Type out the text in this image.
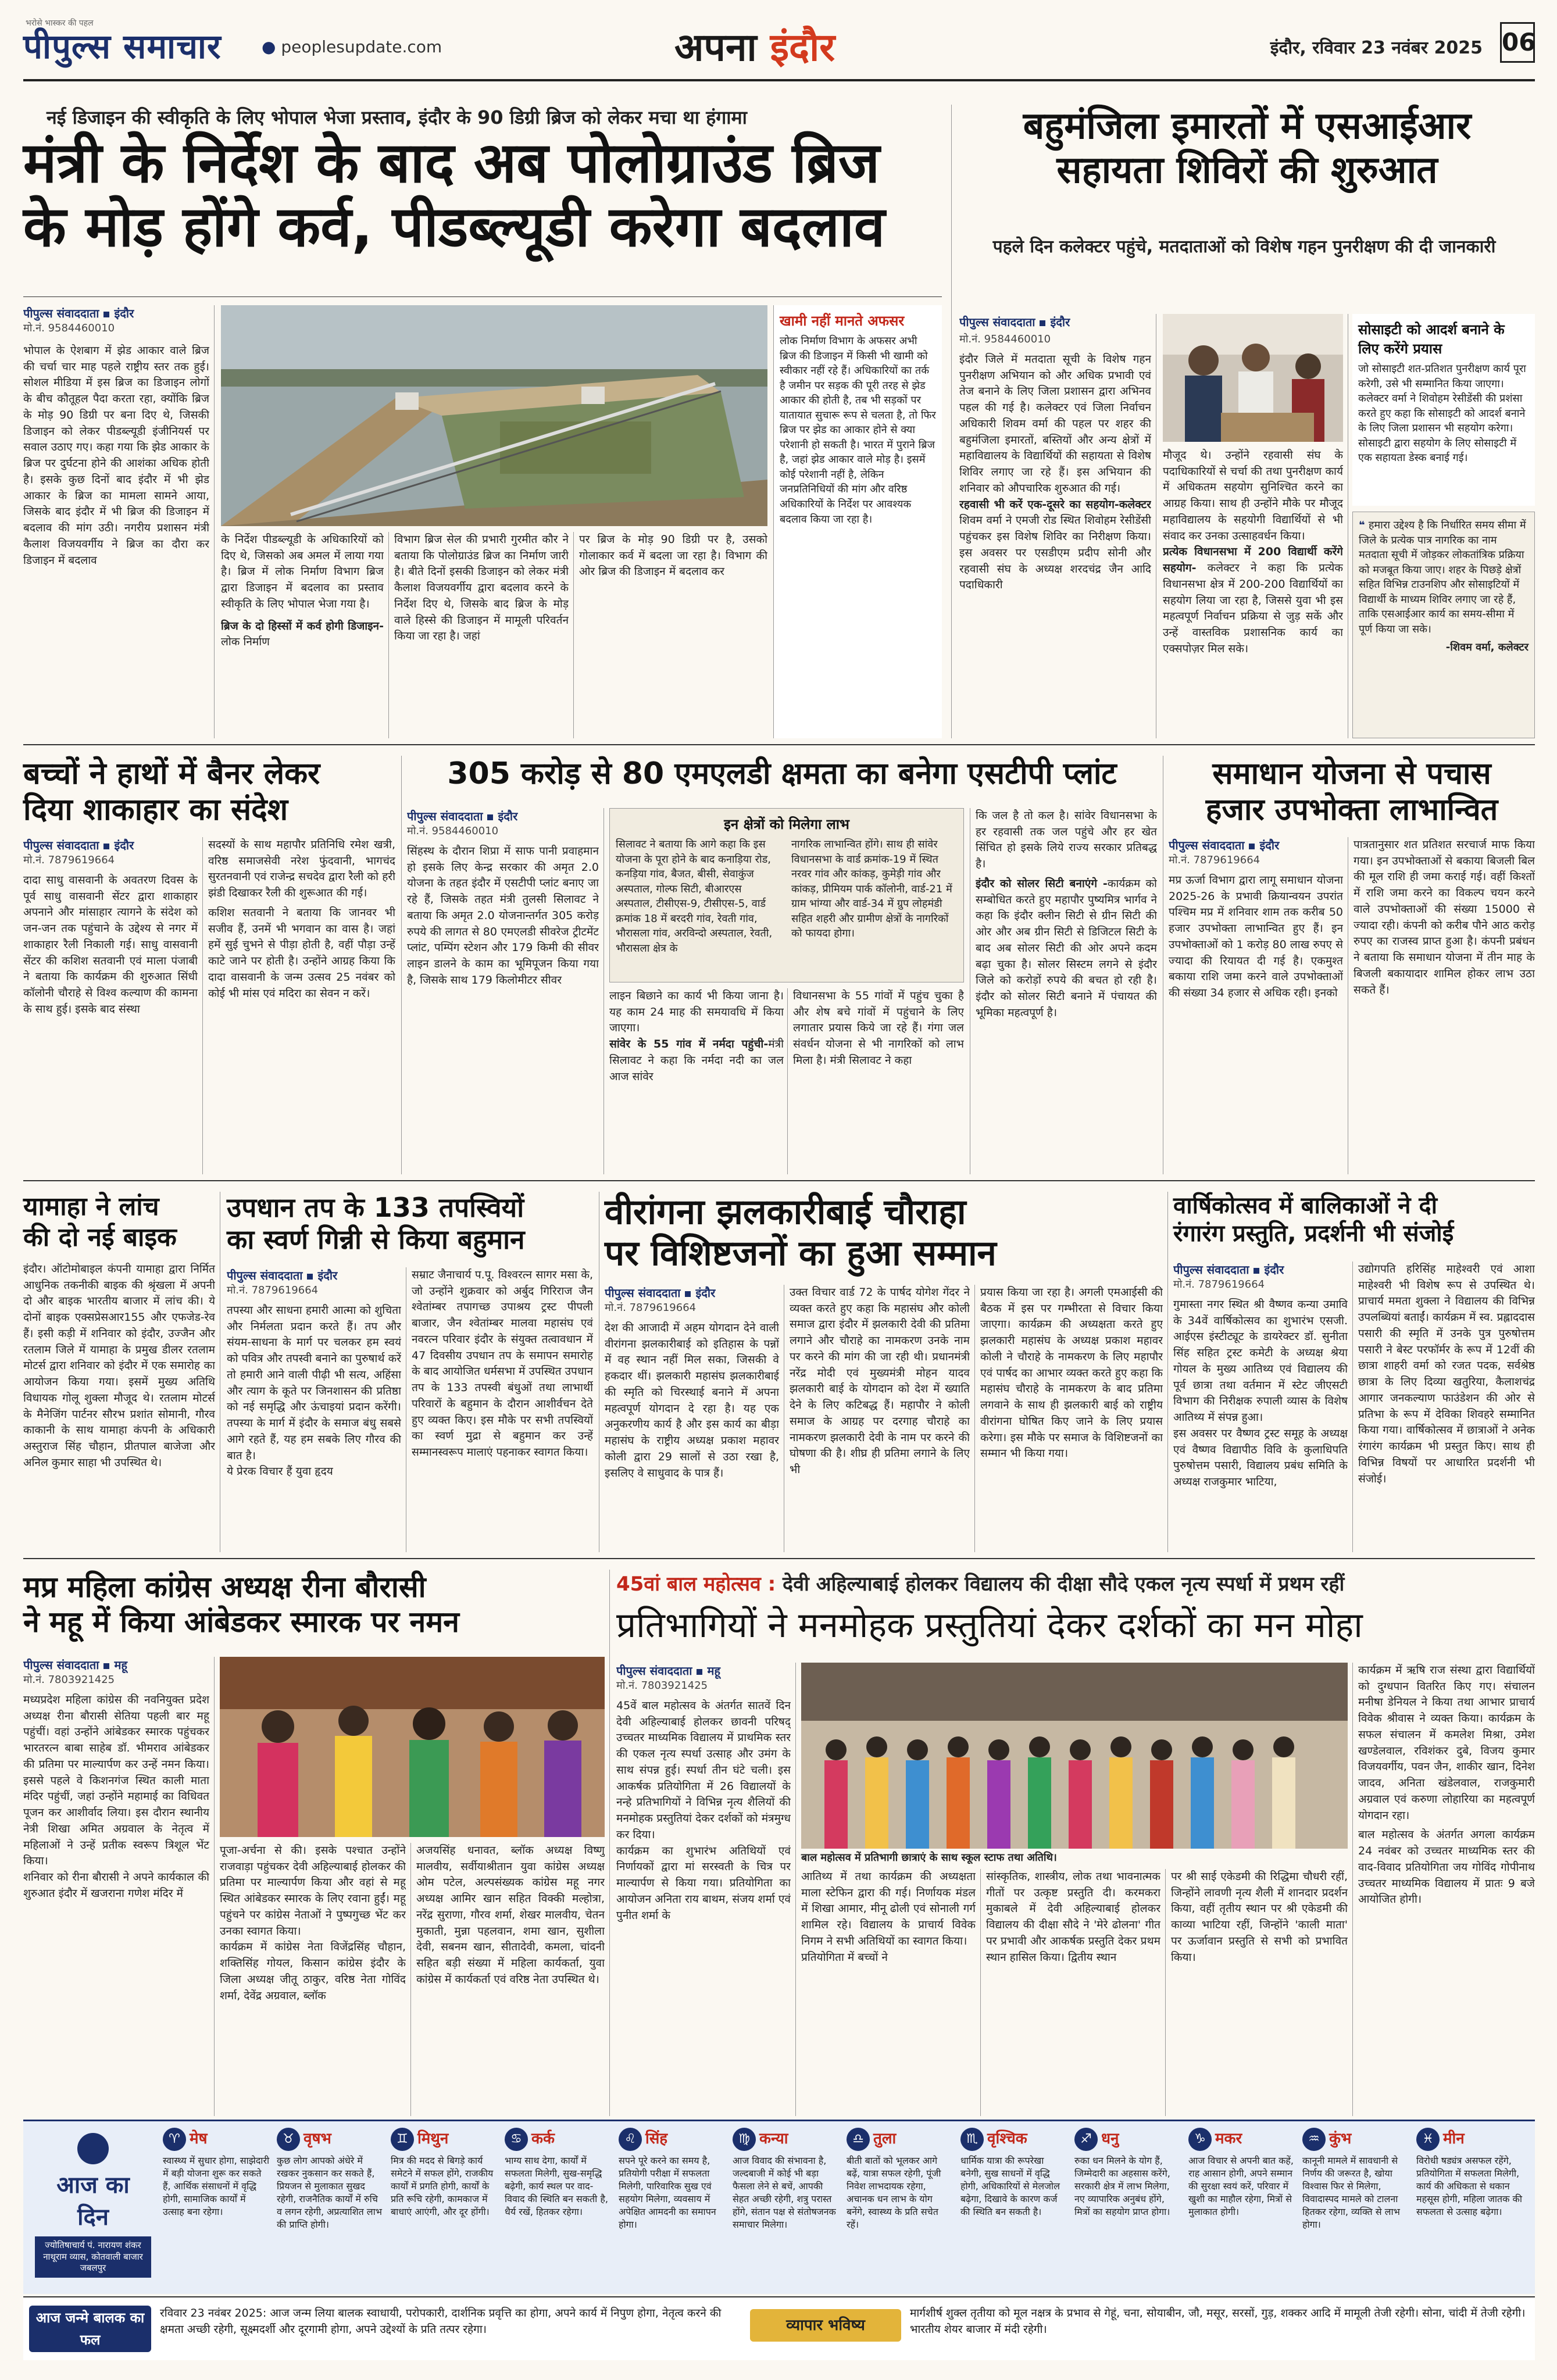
भरोसे भास्कर की पहल
पीपुल्स समाचार ● peoplesupdate.com	अपना इंदौर	इंदौर, रविवार 23 नवंबर 2025 06
नई डिजाइन की स्वीकृति के लिए भोपाल भेजा प्रस्ताव, इंदौर के 90 डिग्री ब्रिज को लेकर मचा था हंगामा
मंत्री के निर्देश के बाद अब पोलोग्राउंड ब्रिज
के मोड़ होंगे कर्व, पीडब्ल्यूडी करेगा बदलाव
पीपुल्स संवाददाता इंदौर
मो.नं. 9584460010
भोपाल के ऐशबाग में झेड आकार वाले ब्रिज की चर्चा चार माह पहले राष्ट्रीय स्तर तक हुई। सोशल मीडिया में इस ब्रिज का डिजाइन लोगों के बीच कौतूहल पैदा करता रहा, क्योंकि ब्रिज के मोड़ 90 डिग्री पर बना दिए थे, जिसकी डिजाइन को लेकर पीडब्ल्यूडी इंजीनियर्स पर सवाल उठाए गए। कहा गया कि झेड आकार के ब्रिज पर दुर्घटना होने की आशंका अधिक होती है। इसके कुछ दिनों बाद इंदौर में भी झेड आकार के ब्रिज का मामला सामने आया, जिसके बाद इंदौर में भी ब्रिज की डिजाइन में बदलाव की मांग उठी। नगरीय प्रशासन मंत्री कैलाश विजयवर्गीय ने ब्रिज का दौरा कर डिजाइन में बदलाव
के निर्देश पीडब्ल्यूडी के अधिकारियों को दिए थे, जिसको अब अमल में लाया गया है। ब्रिज में लोक निर्माण विभाग ब्रिज द्वारा डिजाइन में बदलाव का प्रस्ताव स्वीकृति के लिए भोपाल भेजा गया है।
ब्रिज के दो हिस्सों में कर्व होगी डिजाइन- लोक निर्माण
विभाग ब्रिज सेल की प्रभारी गुरमीत कौर ने बताया कि पोलोग्राउंड ब्रिज का निर्माण जारी है। बीते दिनों इसकी डिजाइन को लेकर मंत्री कैलाश विजयवर्गीय द्वारा बदलाव करने के निर्देश दिए थे, जिसके बाद ब्रिज के मोड़ वाले हिस्से की डिजाइन में मामूली परिवर्तन किया जा रहा है। जहां
पर ब्रिज के मोड़ 90 डिग्री पर है, उसको गोलाकार कर्व में बदला जा रहा है। विभाग की ओर ब्रिज की डिजाइन में बदलाव कर
खामी नहीं मानते अफसर

लोक निर्माण विभाग के अफसर अभी ब्रिज की डिजाइन में किसी भी खामी को स्वीकार नहीं रहे हैं। अधिकारियों का तर्क है जमीन पर सड़क की पूरी तरह से झेड आकार की होती है, तब भी सड़कों पर यातायात सुचारू रूप से चलता है, तो फिर ब्रिज पर झेड का आकार होने से क्या परेशानी हो सकती है। भारत में पुराने ब्रिज है, जहां झेड आकार वाले मोड़ है। इसमें कोई परेशानी नहीं है, लेकिन जनप्रतिनिधियों की मांग और वरिष्ठ अधिकारियों के निर्देश पर आवश्यक बदलाव किया जा रहा है।

बहुमंजिला इमारतों में एसआईआर
सहायता शिविरों की शुरुआत
पहले दिन कलेक्टर पहुंचे, मतदाताओं को विशेष गहन पुनरीक्षण की दी जानकारी
पीपुल्स संवाददाता इंदौर
मो.नं. 9584460010
इंदौर जिले में मतदाता सूची के विशेष गहन पुनरीक्षण अभियान को और अधिक प्रभावी एवं तेज बनाने के लिए जिला प्रशासन द्वारा अभिनव पहल की गई है। कलेक्टर एवं जिला निर्वाचन अधिकारी शिवम वर्मा की पहल पर शहर की बहुमंजिला इमारतों, बस्तियों और अन्य क्षेत्रों में महाविद्यालय के विद्यार्थियों की सहायता से विशेष शिविर लगाए जा रहे हैं। इस अभियान की शनिवार को औपचारिक शुरुआत की गई।
रहवासी भी करें एक-दूसरे का सहयोग-कलेक्टर शिवम वर्मा ने एमजी रोड स्थित शिवोहम रेसीडेंसी पहुंचकर इस विशेष शिविर का निरीक्षण किया। इस अवसर पर एसडीएम प्रदीप सोनी और रहवासी संघ के अध्यक्ष शरदचंद्र जैन आदि पदाधिकारी
मौजूद थे। उन्होंने रहवासी संघ के पदाधिकारियों से चर्चा की तथा पुनरीक्षण कार्य में अधिकतम सहयोग सुनिश्चित करने का आग्रह किया। साथ ही उन्होंने मौके पर मौजूद महाविद्यालय के सहयोगी विद्यार्थियों से भी संवाद कर उनका उत्साहवर्धन किया।
प्रत्येक विधानसभा में 200 विद्यार्थी करेंगे सहयोग- कलेक्टर ने कहा कि प्रत्येक विधानसभा क्षेत्र में 200-200 विद्यार्थियों का सहयोग लिया जा रहा है, जिससे युवा भी इस महत्वपूर्ण निर्वाचन प्रक्रिया से जुड़ सकें और उन्हें वास्तविक प्रशासनिक कार्य का एक्सपोज़र मिल सके।
सोसाइटी को आदर्श बनाने के लिए करेंगे प्रयास

जो सोसाइटी शत-प्रतिशत पुनरीक्षण कार्य पूरा करेगी, उसे भी सम्मानित किया जाएगा। कलेक्टर वर्मा ने शिवोहम रेसीडेंसी की प्रशंसा करते हुए कहा कि सोसाइटी को आदर्श बनाने के लिए जिला प्रशासन भी सहयोग करेगा। सोसाइटी द्वारा सहयोग के लिए सोसाइटी में एक सहायता डेस्क बनाई गई।

❝ हमारा उद्देश्य है कि निर्धारित समय सीमा में जिले के प्रत्येक पात्र नागरिक का नाम मतदाता सूची में जोड़कर लोकतांत्रिक प्रक्रिया को मजबूत किया जाए। शहर के पिछड़े क्षेत्रों सहित विभिन्न टाउनशिप और सोसाइटियों में विद्यार्थी के माध्यम शिविर लगाए जा रहे हैं, ताकि एसआईआर कार्य का समय-सीमा में पूर्ण किया जा सके।

-शिवम वर्मा, कलेक्टर

बच्चों ने हाथों में बैनर लेकर
दिया शाकाहार का संदेश
पीपुल्स संवाददाता इंदौर
मो.नं. 7879619664
दादा साधु वासवानी के अवतरण दिवस के पूर्व साधु वासवानी सेंटर द्वारा शाकाहार अपनाने और मांसाहार त्यागने के संदेश को जन-जन तक पहुंचाने के उद्देश्य से नगर में शाकाहार रैली निकाली गई। साधु वासवानी सेंटर की कशिश सतवानी एवं माला पंजाबी ने बताया कि कार्यक्रम की शुरुआत सिंधी कॉलोनी चौराहे से विश्व कल्याण की कामना के साथ हुई। इसके बाद संस्था
सदस्यों के साथ महापौर प्रतिनिधि रमेश खत्री, वरिष्ठ समाजसेवी नरेश फुंदवानी, भागचंद सुरतनवानी एवं राजेन्द्र सचदेव द्वारा रैली को हरी झंडी दिखाकर रैली की शुरूआत की गई।
कशिश सतवानी ने बताया कि जानवर भी सजीव हैं, उनमें भी भगवान का वास है। जहां हमें सुई चुभने से पीड़ा होती है, वहीं पौड़ा उन्हें काटे जाने पर होती है। उन्होंने आग्रह किया कि दादा वासवानी के जन्म उत्सव 25 नवंबर को कोई भी मांस एवं मदिरा का सेवन न करें।
305 करोड़ से 80 एमएलडी क्षमता का बनेगा एसटीपी प्लांट
पीपुल्स संवाददाता इंदौर
मो.नं. 9584460010
सिंहस्थ के दौरान शिप्रा में साफ पानी प्रवाहमान हो इसके लिए केन्द्र सरकार की अमृत 2.0 योजना के तहत इंदौर में एसटीपी प्लांट बनाए जा रहे हैं, जिसके तहत मंत्री तुलसी सिलावट ने बताया कि अमृत 2.0 योजनान्तर्गत 305 करोड़ रुपये की लागत से 80 एमएलडी सीवरेज ट्रीटमेंट प्लांट, पम्पिंग स्टेशन और 179 किमी की सीवर लाइन डालने के काम का भूमिपूजन किया गया है, जिसके साथ 179 किलोमीटर सीवर
इन क्षेत्रों को मिलेगा लाभ

सिलावट ने बताया कि आगे कहा कि इस योजना के पूरा होने के बाद कनाड़िया रोड, कनड़िया गांव, बैजत, बीसी, सेवाकुंज अस्पताल, गोल्फ सिटी, बीआरएस अस्पताल, टीसीएस-9, टीसीएस-5, वार्ड क्रमांक 18 में बरदरी गांव, रेवती गांव, भौरासला गांव, अरविन्दो अस्पताल, रेवती, भौरासला क्षेत्र के

नागरिक लाभान्वित होंगे। साथ ही सांवेर विधानसभा के वार्ड क्रमांक-19 में स्थित नरवर गांव और कांकड़, कुमेड़ी गांव और कांकड़, प्रीमियम पार्क कॉलोनी, वार्ड-21 में ग्राम भांग्या और वार्ड-34 में ग्रुप लोहमंडी सहित शहरी और ग्रामीण क्षेत्रों के नागरिकों को फायदा होगा।

लाइन बिछाने का कार्य भी किया जाना है। यह काम 24 माह की समयावधि में किया जाएगा।
सांवेर के 55 गांव में नर्मदा पहुंची-मंत्री सिलावट ने कहा कि नर्मदा नदी का जल आज सांवेर
विधानसभा के 55 गांवों में पहुंच चुका है और शेष बचे गांवों में पहुंचाने के लिए लगातार प्रयास किये जा रहे हैं। गंगा जल संवर्धन योजना से भी नागरिकों को लाभ मिला है। मंत्री सिलावट ने कहा
कि जल है तो कल है। सांवेर विधानसभा के हर रहवासी तक जल पहुंचे और हर खेत सिंचित हो इसके लिये राज्य सरकार प्रतिबद्ध है।
इंदौर को सोलर सिटी बनाएंगे -कार्यक्रम को सम्बोधित करते हुए महापौर पुष्यमित्र भार्गव ने कहा कि इंदौर क्लीन सिटी से ग्रीन सिटी की ओर और अब ग्रीन सिटी से डिजिटल सिटी के बाद अब सोलर सिटी की ओर अपने कदम बढ़ा चुका है। सोलर सिस्टम लगने से इंदौर जिले को करोड़ों रुपये की बचत हो रही है। इंदौर को सोलर सिटी बनाने में पंचायत की भूमिका महत्वपूर्ण है।
समाधान योजना से पचास
हजार उपभोक्ता लाभान्वित
पीपुल्स संवाददाता इंदौर
मो.नं. 7879619664
मप्र ऊर्जा विभाग द्वारा लागू समाधान योजना 2025-26 के प्रभावी क्रियान्वयन उपरांत पश्चिम मप्र में शनिवार शाम तक करीब 50 हजार उपभोक्ता लाभान्वित हुए हैं। इन उपभोक्ताओं को 1 करोड़ 80 लाख रुपए से ज्यादा की रियायत दी गई है। एकमुश्त बकाया राशि जमा करने वाले उपभोक्ताओं की संख्या 34 हजार से अधिक रही। इनको
पात्रतानुसार शत प्रतिशत सरचार्ज माफ किया गया। इन उपभोक्ताओं से बकाया बिजली बिल की मूल राशि ही जमा कराई गई। वहीं किश्तों में राशि जमा करने का विकल्प चयन करने वाले उपभोक्ताओं की संख्या 15000 से ज्यादा रही। कंपनी को करीब पौने आठ करोड़ रुपए का राजस्व प्राप्त हुआ है। कंपनी प्रबंधन ने बताया कि समाधान योजना में तीन माह के बिजली बकायादार शामिल होकर लाभ उठा सकते हैं।
यामाहा ने लांच
की दो नई बाइक
इंदौर। ऑटोमोबाइल कंपनी यामाहा द्वारा निर्मित आधुनिक तकनीकी बाइक की श्रृंखला में अपनी दो और बाइक भारतीय बाजार में लांच की। ये दोनों बाइक एक्सप्रेसआर155 और एफजेड-रेव हैं। इसी कड़ी में शनिवार को इंदौर, उज्जैन और रतलाम जिले में यामाहा के प्रमुख डीलर रतलाम मोटर्स द्वारा शनिवार को इंदौर में एक समारोह का आयोजन किया गया। इसमें मुख्य अतिथि विधायक गोलू शुक्ला मौजूद थे। रतलाम मोटर्स के मैनेजिंग पार्टनर सौरभ प्रशांत सोमानी, गौरव काकानी के साथ यामाहा कंपनी के अधिकारी अस्तुराज सिंह चौहान, प्रीतपाल बाजेजा और अनिल कुमार साहा भी उपस्थित थे।
उपधान तप के 133 तपस्वियों
का स्वर्ण गिन्नी से किया बहुमान
पीपुल्स संवाददाता इंदौर
मो.नं. 7879619664
तपस्या और साधना हमारी आत्मा को शुचिता और निर्मलता प्रदान करते हैं। तप और संयम-साधना के मार्ग पर चलकर हम स्वयं को पवित्र और तपस्वी बनाने का पुरुषार्थ करें तो हमारी आने वाली पीढ़ी भी सत्य, अहिंसा और त्याग के कूते पर जिनशासन की प्रतिष्ठा को नई समृद्धि और ऊंचाइयां प्रदान करेंगी। तपस्या के मार्ग में इंदौर के समाज बंधु सबसे आगे रहते हैं, यह हम सबके लिए गौरव की बात है।
ये प्रेरक विचार हैं युवा हृदय
सम्राट जैनाचार्य प.पू. विश्वरत्न सागर मसा के, जो उन्होंने शुक्रवार को अर्बुद गिरिराज जैन श्वेतांम्बर तपागच्छ उपाश्रय ट्रस्ट पीपली बाजार, जैन श्वेतांम्बर मालवा महासंघ एवं नवरत्न परिवार इंदौर के संयुक्त तत्वावधान में 47 दिवसीय उपधान तप के समापन समारोह के बाद आयोजित धर्मसभा में उपस्थित उपधान तप के 133 तपस्वी बंधुओं तथा लाभार्थी परिवारों के बहुमान के दौरान आशीर्वचन देते हुए व्यक्त किए। इस मौके पर सभी तपस्वियों का स्वर्ण मुद्रा से बहुमान कर उन्हें सम्मानस्वरूप मालाएं पहनाकर स्वागत किया।
वीरांगना झलकारीबाई चौराहा
पर विशिष्टजनों का हुआ सम्मान
पीपुल्स संवाददाता इंदौर
मो.नं. 7879619664
देश की आजादी में अहम योगदान देने वाली वीरांगना झलकारीबाई को इतिहास के पन्नों में वह स्थान नहीं मिल सका, जिसकी वे हकदार थीं। झलकारी महासंघ झलकारीबाई की स्मृति को चिरस्थाई बनाने में अपना महत्वपूर्ण योगदान दे रहा है। यह एक अनुकरणीय कार्य है और इस कार्य का बीड़ा महासंघ के राष्ट्रीय अध्यक्ष प्रकाश महावर कोली द्वारा 29 सालों से उठा रखा है, इसलिए वे साधुवाद के पात्र हैं।
उक्त विचार वार्ड 72 के पार्षद योगेश गेंदर ने व्यक्त करते हुए कहा कि महासंघ और कोली समाज द्वारा इंदौर में झलकारी देवी की प्रतिमा लगाने और चौराहे का नामकरण उनके नाम पर करने की मांग की जा रही थी। प्रधानमंत्री नरेंद्र मोदी एवं मुख्यमंत्री मोहन यादव झलकारी बाई के योगदान को देश में ख्याति देने के लिए कटिबद्ध हैं। महापौर ने कोली समाज के आग्रह पर दरगाह चौराहे का नामकरण झलकारी देवी के नाम पर करने की घोषणा की है। शीघ्र ही प्रतिमा लगाने के लिए भी
प्रयास किया जा रहा है। अगली एमआईसी की बैठक में इस पर गम्भीरता से विचार किया जाएगा। कार्यक्रम की अध्यक्षता करते हुए झलकारी महासंघ के अध्यक्ष प्रकाश महावर कोली ने चौराहे के नामकरण के लिए महापौर एवं पार्षद का आभार व्यक्त करते हुए कहा कि महासंघ चौराहे के नामकरण के बाद प्रतिमा लगवाने के साथ ही झलकारी बाई को राष्ट्रीय वीरांगना घोषित किए जाने के लिए प्रयास करेगा। इस मौके पर समाज के विशिष्टजनों का सम्मान भी किया गया।
वार्षिकोत्सव में बालिकाओं ने दी
रंगारंग प्रस्तुति, प्रदर्शनी भी संजोई
पीपुल्स संवाददाता इंदौर
मो.नं. 7879619664
गुमास्ता नगर स्थित श्री वैष्णव कन्या उमावि के 34वें वार्षिकोत्सव का शुभारंभ एसजी. आईएस इंस्टीट्यूट के डायरेक्टर डॉ. सुनीता सिंह सहित ट्रस्ट कमेटी के अध्यक्ष श्रेया गोयल के मुख्य आतिथ्य एवं विद्यालय की पूर्व छात्रा तथा वर्तमान में स्टेट जीएसटी विभाग की निरीक्षक रुपाली व्यास के विशेष आतिथ्य में संपन्न हुआ।
इस अवसर पर वैष्णव ट्रस्ट समूह के अध्यक्ष एवं वैष्णव विद्यापीठ विवि के कुलाधिपति पुरुषोत्तम पसारी, विद्यालय प्रबंध समिति के अध्यक्ष राजकुमार भाटिया,
उद्योगपति हरिसिंह माहेश्वरी एवं आशा माहेश्वरी भी विशेष रूप से उपस्थित थे। प्राचार्य ममता शुक्ला ने विद्यालय की विभिन्न उपलब्धियां बताईं। कार्यक्रम में स्व. प्रह्लाददास पसारी की स्मृति में उनके पुत्र पुरुषोत्तम पसारी ने बेस्ट परफॉर्मर के रूप में 12वीं की छात्रा शाहरी वर्मा को रजत पदक, सर्वश्रेष्ठ छात्रा के लिए दिव्या खतुरिया, कैलाशचंद्र आगार जनकल्याण फाउंडेशन की ओर से प्रतिभा के रूप में देविका शिवहरे सम्मानित किया गया। वार्षिकोत्सव में छात्राओं ने अनेक रंगारंग कार्यक्रम भी प्रस्तुत किए। साथ ही विभिन्न विषयों पर आधारित प्रदर्शनी भी संजोई।
मप्र महिला कांग्रेस अध्यक्ष रीना बौरासी
ने महू में किया आंबेडकर स्मारक पर नमन
पीपुल्स संवाददाता महू
मो.नं. 7803921425
मध्यप्रदेश महिला कांग्रेस की नवनियुक्त प्रदेश अध्यक्ष रीना बौरासी सेतिया पहली बार महू पहुंचीं। वहां उन्होंने आंबेडकर स्मारक पहुंचकर भारतरत्न बाबा साहेब डॉ. भीमराव आंबेडकर की प्रतिमा पर माल्यार्पण कर उन्हें नमन किया। इससे पहले वे किशनगंज स्थित काली माता मंदिर पहुंचीं, जहां उन्होंने महामाई का विधिवत पूजन कर आशीर्वाद लिया। इस दौरान स्थानीय नेत्री शिखा अमित अग्रवाल के नेतृत्व में महिलाओं ने उन्हें प्रतीक स्वरूप त्रिशूल भेंट किया।
शनिवार को रीना बौरासी ने अपने कार्यकाल की शुरुआत इंदौर में खजराना गणेश मंदिर में
पूजा-अर्चना से की। इसके पश्चात उन्होंने राजवाड़ा पहुंचकर देवी अहिल्याबाई होलकर की प्रतिमा पर माल्यार्पण किया और वहां से महू स्थित आंबेडकर स्मारक के लिए रवाना हुईं। महू पहुंचने पर कांग्रेस नेताओं ने पुष्पगुच्छ भेंट कर उनका स्वागत किया।
कार्यक्रम में कांग्रेस नेता विजेंद्रसिंह चौहान, शक्तिसिंह गोयल, किसान कांग्रेस इंदौर के जिला अध्यक्ष जीतू ठाकुर, वरिष्ठ नेता गोविंद शर्मा, देवेंद्र अग्रवाल, ब्लॉक
अजयसिंह धनावत, ब्लॉक अध्यक्ष विष्णु मालवीय, सर्वीयाश्रीतान युवा कांग्रेस अध्यक्ष ओम पटेल, अल्पसंख्यक कांग्रेस महू नगर अध्यक्ष आमिर खान सहित विक्की मल्होत्रा, नरेंद्र सुराणा, गौरव शर्मा, शेखर मालवीय, चेतन मुकाती, मुन्ना पहलवान, शमा खान, सुशीला देवी, सबनम खान, सीतादेवी, कमला, चांदनी सहित बड़ी संख्या में महिला कार्यकर्ता, युवा कांग्रेस में कार्यकर्ता एवं वरिष्ठ नेता उपस्थित थे।
45वां बाल महोत्सव : देवी अहिल्याबाई होलकर विद्यालय की दीक्षा सौदे एकल नृत्य स्पर्धा में प्रथम रहीं
प्रतिभागियों ने मनमोहक प्रस्तुतियां देकर दर्शकों का मन मोहा
पीपुल्स संवाददाता महू
मो.नं. 7803921425
45वें बाल महोत्सव के अंतर्गत सातवें दिन देवी अहिल्याबाई होलकर छावनी परिषद् उच्चतर माध्यमिक विद्यालय में प्राथमिक स्तर की एकल नृत्य स्पर्धा उत्साह और उमंग के साथ संपन्न हुई। स्पर्धा तीन घंटे चली। इस आकर्षक प्रतियोगिता में 26 विद्यालयों के नन्हे प्रतिभागियों ने विभिन्न नृत्य शैलियों की मनमोहक प्रस्तुतियां देकर दर्शकों को मंत्रमुग्ध कर दिया।
कार्यक्रम का शुभारंभ अतिथियों एवं निर्णायकों द्वारा मां सरस्वती के चित्र पर माल्यार्पण से किया गया। प्रतियोगिता का आयोजन अनिता राय बाथम, संजय शर्मा एवं पुनीत शर्मा के
बाल महोत्सव में प्रतिभागी छात्राएं के साथ स्कूल स्टाफ तथा अतिथि।
आतिथ्य में तथा कार्यक्रम की अध्यक्षता माला स्टेफिन द्वारा की गई। निर्णायक मंडल में शिखा आमार, मीनू ढोली एवं सोनाली गर्ग शामिल रहे। विद्यालय के प्राचार्य विवेक निगम ने सभी अतिथियों का स्वागत किया।
प्रतियोगिता में बच्चों ने
सांस्कृतिक, शास्त्रीय, लोक तथा भावनात्मक गीतों पर उत्कृष्ट प्रस्तुति दी। करमकरा मुकाबले में देवी अहिल्याबाई होलकर विद्यालय की दीक्षा सौदे ने 'मेरे ढोलना' गीत पर प्रभावी और आकर्षक प्रस्तुति देकर प्रथम स्थान हासिल किया। द्वितीय स्थान
पर श्री साई एकेडमी की रिद्धिमा चौधरी रहीं, जिन्होंने लावणी नृत्य शैली में शानदार प्रदर्शन किया, वहीं तृतीय स्थान पर श्री एकेडमी की काव्या भाटिया रहीं, जिन्होंने 'काली माता' पर ऊर्जावान प्रस्तुति से सभी को प्रभावित किया।
कार्यक्रम में ऋषि राज संस्था द्वारा विद्यार्थियों को दुग्धपान वितरित किए गए। संचालन मनीषा डेनियल ने किया तथा आभार प्राचार्य विवेक श्रीवास ने व्यक्त किया। कार्यक्रम के सफल संचालन में कमलेश मिश्रा, उमेश खण्डेलवाल, रविशंकर दुबे, विजय कुमार विजयवर्गीय, पवन जैन, शाकीर खान, दिनेश जादव, अनिता खंडेलवाल, राजकुमारी अग्रवाल एवं करुणा लोहारिया का महत्वपूर्ण योगदान रहा।
बाल महोत्सव के अंतर्गत अगला कार्यक्रम 24 नवंबर को उच्चतर माध्यमिक स्तर की वाद-विवाद प्रतियोगिता जय गोविंद गोपीनाथ उच्चतर माध्यमिक विद्यालय में प्रातः 9 बजे आयोजित होगी।
आज का
दिन
ज्योतिषाचार्य पं. नारायण शंकर नाथूराम व्यास, कोतवाली बाजार जबलपुर
♈ मेष
स्वास्थ्य में सुधार होगा, साझेदारी में बड़ी योजना शुरू कर सकते हैं, आर्थिक संसाधनों में वृद्धि होगी, सामाजिक कार्यों में उत्साह बना रहेगा।
♉ वृषभ
कुछ लोग आपको अंधेरे में रखकर नुकसान कर सकते हैं, प्रियजन से मुलाकात सुखद रहेगी, राजनैतिक कार्यों में रुचि व लगन रहेगी, अप्रत्याशित लाभ की प्राप्ति होगी।
♊ मिथुन
मित्र की मदद से बिगड़े कार्य समेटने में सफल होंगे, राजकीय कार्यों में प्रगति होगी, कार्यों के प्रति रूचि रहेगी, कामकाज में बाधाएं आएंगी, और दूर होंगी।
♋ कर्क
भाग्य साथ देगा, कार्यों में सफलता मिलेगी, सुख-समृद्धि बढ़ेगी, कार्य स्थल पर वाद-विवाद की स्थिति बन सकती है, धैर्य रखें, हितकर रहेगा।
♌ सिंह
सपने पूरे करने का समय है, प्रतियोगी परीक्षा में सफलता मिलेगी, पारिवारिक सुख एवं सहयोग मिलेगा, व्यवसाय में अपेक्षित आमदनी का समापन होगा।
♍ कन्या
आज विवाद की संभावना है, जल्दबाजी में कोई भी बड़ा फैसला लेने से बचें, आपकी सेहत अच्छी रहेगी, शत्रु परास्त होंगे, संतान पक्ष से संतोषजनक समाचार मिलेगा।
♎ तुला
बीती बातों को भूलकर आगे बढ़ें, यात्रा सफल रहेगी, पूंजी निवेश लाभदायक रहेगा, अचानक धन लाभ के योग बनेंगे, स्वास्थ्य के प्रति सचेत रहें।
♏ वृश्चिक
धार्मिक यात्रा की रूपरेखा बनेगी, सुख साधनों में वृद्धि होगी, अधिकारियों से मेलजोल बढ़ेगा, दिखावे के कारण कर्ज की स्थिति बन सकती है।
♐ धनु
रुका धन मिलने के योग हैं, जिम्मेदारी का अहसास करेंगे, सरकारी क्षेत्र में लाभ मिलेगा, नए व्यापारिक अनुबंध होंगे, मित्रों का सहयोग प्राप्त होगा।
♑ मकर
आज विचार से अपनी बात कहें, राह आसान होगी, अपने सम्मान की सुरक्षा स्वयं करें, परिवार में खुशी का माहौल रहेगा, मित्रों से मुलाकात होगी।
♒ कुंभ
कानूनी मामले में सावधानी से निर्णय की जरूरत है, खोया विश्वास फिर से मिलेगा, विवादास्पद मामले को टालना हितकर रहेगा, व्यक्ति से लाभ होगा।
♓ मीन
विरोधी षड्यंत्र असफल रहेंगे, प्रतियोगिता में सफलता मिलेगी, कार्य की अधिकता से थकान महसूस होगी, महिला जातक की सफलता से उत्साह बढ़ेगा।
आज जन्मे बालक का फल
रविवार 23 नवंबर 2025: आज जन्म लिया बालक स्वाधायी, परोपकारी, दार्शनिक प्रवृत्ति का होगा, अपने कार्य में निपुण होगा, नेतृत्व करने की क्षमता अच्छी रहेगी, सूक्ष्मदर्शी और दूरगामी होगा, अपने उद्देश्यों के प्रति तत्पर रहेगा।	व्यापार भविष्य
मार्गशीर्ष शुक्ल तृतीया को मूल नक्षत्र के प्रभाव से गेहूं, चना, सोयाबीन, जौ, मसूर, सरसों, गुड़, शक्कर आदि में मामूली तेजी रहेगी। सोना, चांदी में तेजी रहेगी। भारतीय शेयर बाजार में मंदी रहेगी।
